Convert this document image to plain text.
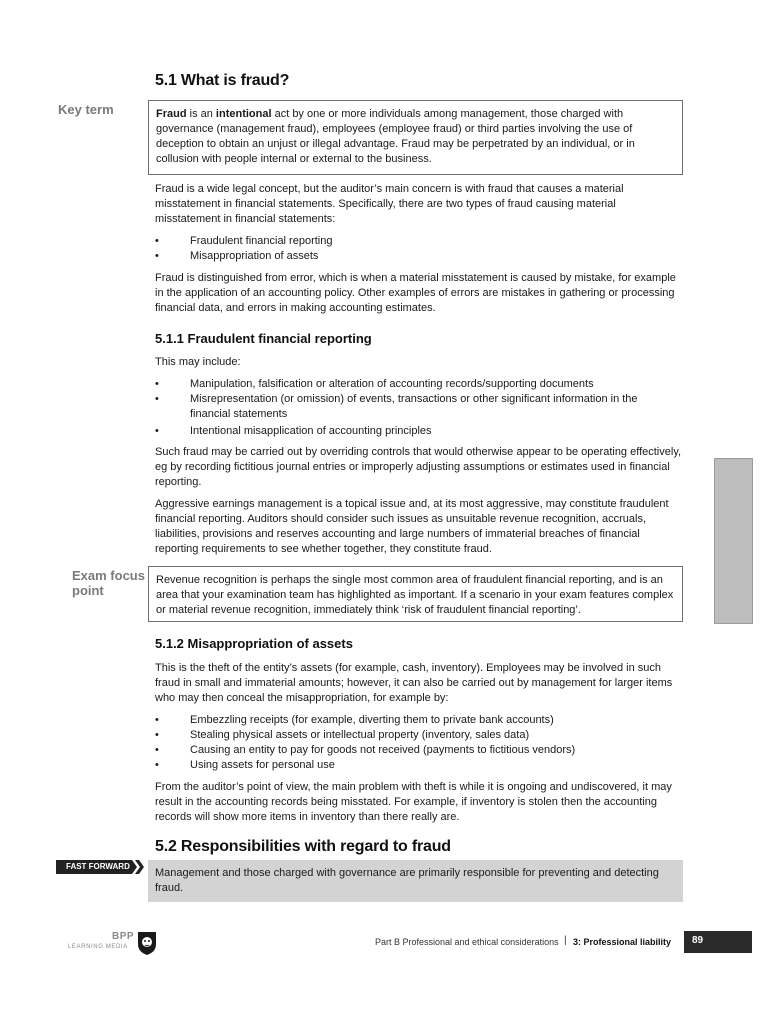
5.1 What is fraud?
Key term	Fraud is an intentional act by one or more individuals among management, those charged with governance (management fraud), employees (employee fraud) or third parties involving the use of deception to obtain an unjust or illegal advantage. Fraud may be perpetrated by an individual, or in collusion with people internal or external to the business.

Fraud is a wide legal concept, but the auditor’s main concern is with fraud that causes a material misstatement in financial statements. Specifically, there are two types of fraud causing material misstatement in financial statements:

• Fraudulent financial reporting
• Misappropriation of assets

Fraud is distinguished from error, which is when a material misstatement is caused by mistake, for example in the application of an accounting policy. Other examples of errors are mistakes in gathering or processing financial data, and errors in making accounting estimates.

5.1.1 Fraudulent financial reporting

This may include:

• Manipulation, falsification or alteration of accounting records/supporting documents
• Misrepresentation (or omission) of events, transactions or other significant information in the financial statements
• Intentional misapplication of accounting principles

Such fraud may be carried out by overriding controls that would otherwise appear to be operating effectively, eg by recording fictitious journal entries or improperly adjusting assumptions or estimates used in financial reporting.

Aggressive earnings management is a topical issue and, at its most aggressive, may constitute fraudulent financial reporting. Auditors should consider such issues as unsuitable revenue recognition, accruals, liabilities, provisions and reserves accounting and large numbers of immaterial breaches of financial reporting requirements to see whether together, they constitute fraud.

Exam focus
point

Revenue recognition is perhaps the single most common area of fraudulent financial reporting, and is an area that your examination team has highlighted as important. If a scenario in your exam features complex or material revenue recognition, immediately think ‘risk of fraudulent financial reporting’.

5.1.2 Misappropriation of assets

This is the theft of the entity’s assets (for example, cash, inventory). Employees may be involved in such fraud in small and immaterial amounts; however, it can also be carried out by management for larger items who may then conceal the misappropriation, for example by:

• Embezzling receipts (for example, diverting them to private bank accounts)
• Stealing physical assets or intellectual property (inventory, sales data)
• Causing an entity to pay for goods not received (payments to fictitious vendors)
• Using assets for personal use

From the auditor’s point of view, the main problem with theft is while it is ongoing and undiscovered, it may result in the accounting records being misstated. For example, if inventory is stolen then the accounting records will show more items in inventory than there really are.

5.2 Responsibilities with regard to fraud
FAST FORWARD

Management and those charged with governance are primarily responsible for preventing and detecting fraud.

BPP
LEARNING MEDIA	Part B Professional and ethical considerations | 3: Professional liability 89
